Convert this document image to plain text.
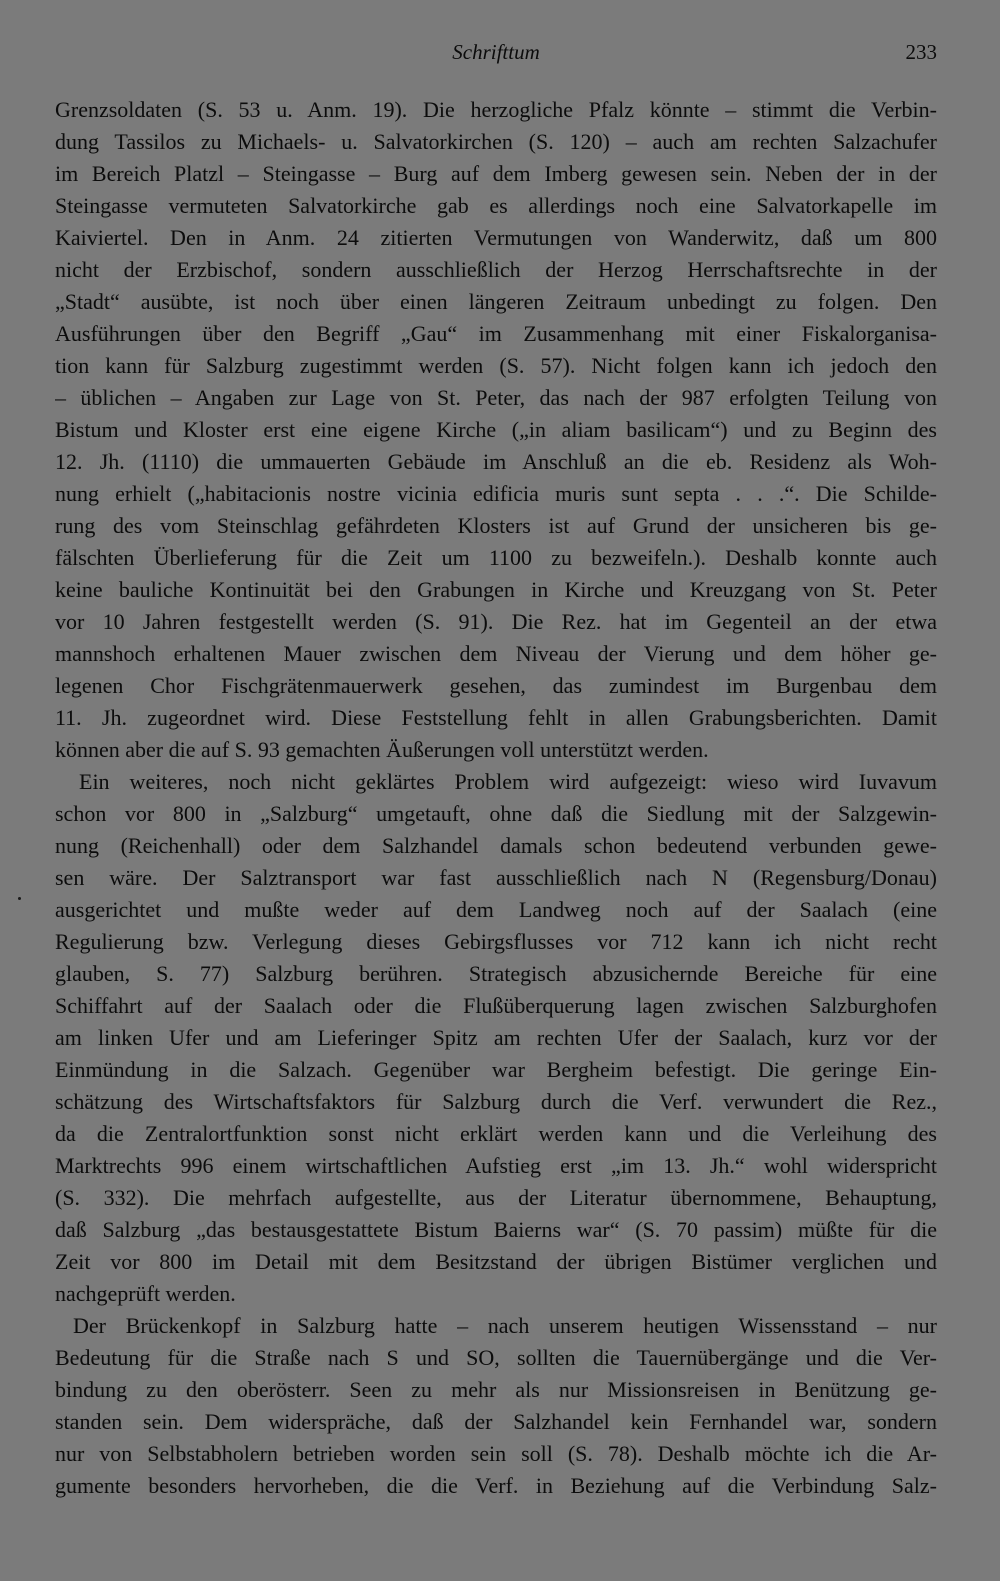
Schrifttum	233
Grenzsoldaten (S. 53 u. Anm. 19). Die herzogliche Pfalz könnte – stimmt die Verbin-
dung Tassilos zu Michaels- u. Salvatorkirchen (S. 120) – auch am rechten Salzachufer
im Bereich Platzl – Steingasse – Burg auf dem Imberg gewesen sein. Neben der in der
Steingasse vermuteten Salvatorkirche gab es allerdings noch eine Salvatorkapelle im
Kaiviertel. Den in Anm. 24 zitierten Vermutungen von Wanderwitz, daß um 800
nicht der Erzbischof, sondern ausschließlich der Herzog Herrschaftsrechte in der
„Stadt“ ausübte, ist noch über einen längeren Zeitraum unbedingt zu folgen. Den
Ausführungen über den Begriff „Gau“ im Zusammenhang mit einer Fiskalorganisa-
tion kann für Salzburg zugestimmt werden (S. 57). Nicht folgen kann ich jedoch den
– üblichen – Angaben zur Lage von St. Peter, das nach der 987 erfolgten Teilung von
Bistum und Kloster erst eine eigene Kirche („in aliam basilicam“) und zu Beginn des
12. Jh. (1110) die ummauerten Gebäude im Anschluß an die eb. Residenz als Woh-
nung erhielt („habitacionis nostre vicinia edificia muris sunt septa . . .“. Die Schilde-
rung des vom Steinschlag gefährdeten Klosters ist auf Grund der unsicheren bis ge-
fälschten Überlieferung für die Zeit um 1100 zu bezweifeln.). Deshalb konnte auch
keine bauliche Kontinuität bei den Grabungen in Kirche und Kreuzgang von St. Peter
vor 10 Jahren festgestellt werden (S. 91). Die Rez. hat im Gegenteil an der etwa
mannshoch erhaltenen Mauer zwischen dem Niveau der Vierung und dem höher ge-
legenen Chor Fischgrätenmauerwerk gesehen, das zumindest im Burgenbau dem
11. Jh. zugeordnet wird. Diese Feststellung fehlt in allen Grabungsberichten. Damit
können aber die auf S. 93 gemachten Äußerungen voll unterstützt werden.
Ein weiteres, noch nicht geklärtes Problem wird aufgezeigt: wieso wird Iuvavum
schon vor 800 in „Salzburg“ umgetauft, ohne daß die Siedlung mit der Salzgewin-
nung (Reichenhall) oder dem Salzhandel damals schon bedeutend verbunden gewe-
sen wäre. Der Salztransport war fast ausschließlich nach N (Regensburg/Donau)
ausgerichtet und mußte weder auf dem Landweg noch auf der Saalach (eine
Regulierung bzw. Verlegung dieses Gebirgsflusses vor 712 kann ich nicht recht
glauben, S. 77) Salzburg berühren. Strategisch abzusichernde Bereiche für eine
Schiffahrt auf der Saalach oder die Flußüberquerung lagen zwischen Salzburghofen
am linken Ufer und am Lieferinger Spitz am rechten Ufer der Saalach, kurz vor der
Einmündung in die Salzach. Gegenüber war Bergheim befestigt. Die geringe Ein-
schätzung des Wirtschaftsfaktors für Salzburg durch die Verf. verwundert die Rez.,
da die Zentralortfunktion sonst nicht erklärt werden kann und die Verleihung des
Marktrechts 996 einem wirtschaftlichen Aufstieg erst „im 13. Jh.“ wohl widerspricht
(S. 332). Die mehrfach aufgestellte, aus der Literatur übernommene, Behauptung,
daß Salzburg „das bestausgestattete Bistum Baierns war“ (S. 70 passim) müßte für die
Zeit vor 800 im Detail mit dem Besitzstand der übrigen Bistümer verglichen und
nachgeprüft werden.
Der Brückenkopf in Salzburg hatte – nach unserem heutigen Wissensstand – nur
Bedeutung für die Straße nach S und SO, sollten die Tauernübergänge und die Ver-
bindung zu den oberösterr. Seen zu mehr als nur Missionsreisen in Benützung ge-
standen sein. Dem widerspräche, daß der Salzhandel kein Fernhandel war, sondern
nur von Selbstabholern betrieben worden sein soll (S. 78). Deshalb möchte ich die Ar-
gumente besonders hervorheben, die die Verf. in Beziehung auf die Verbindung Salz-
